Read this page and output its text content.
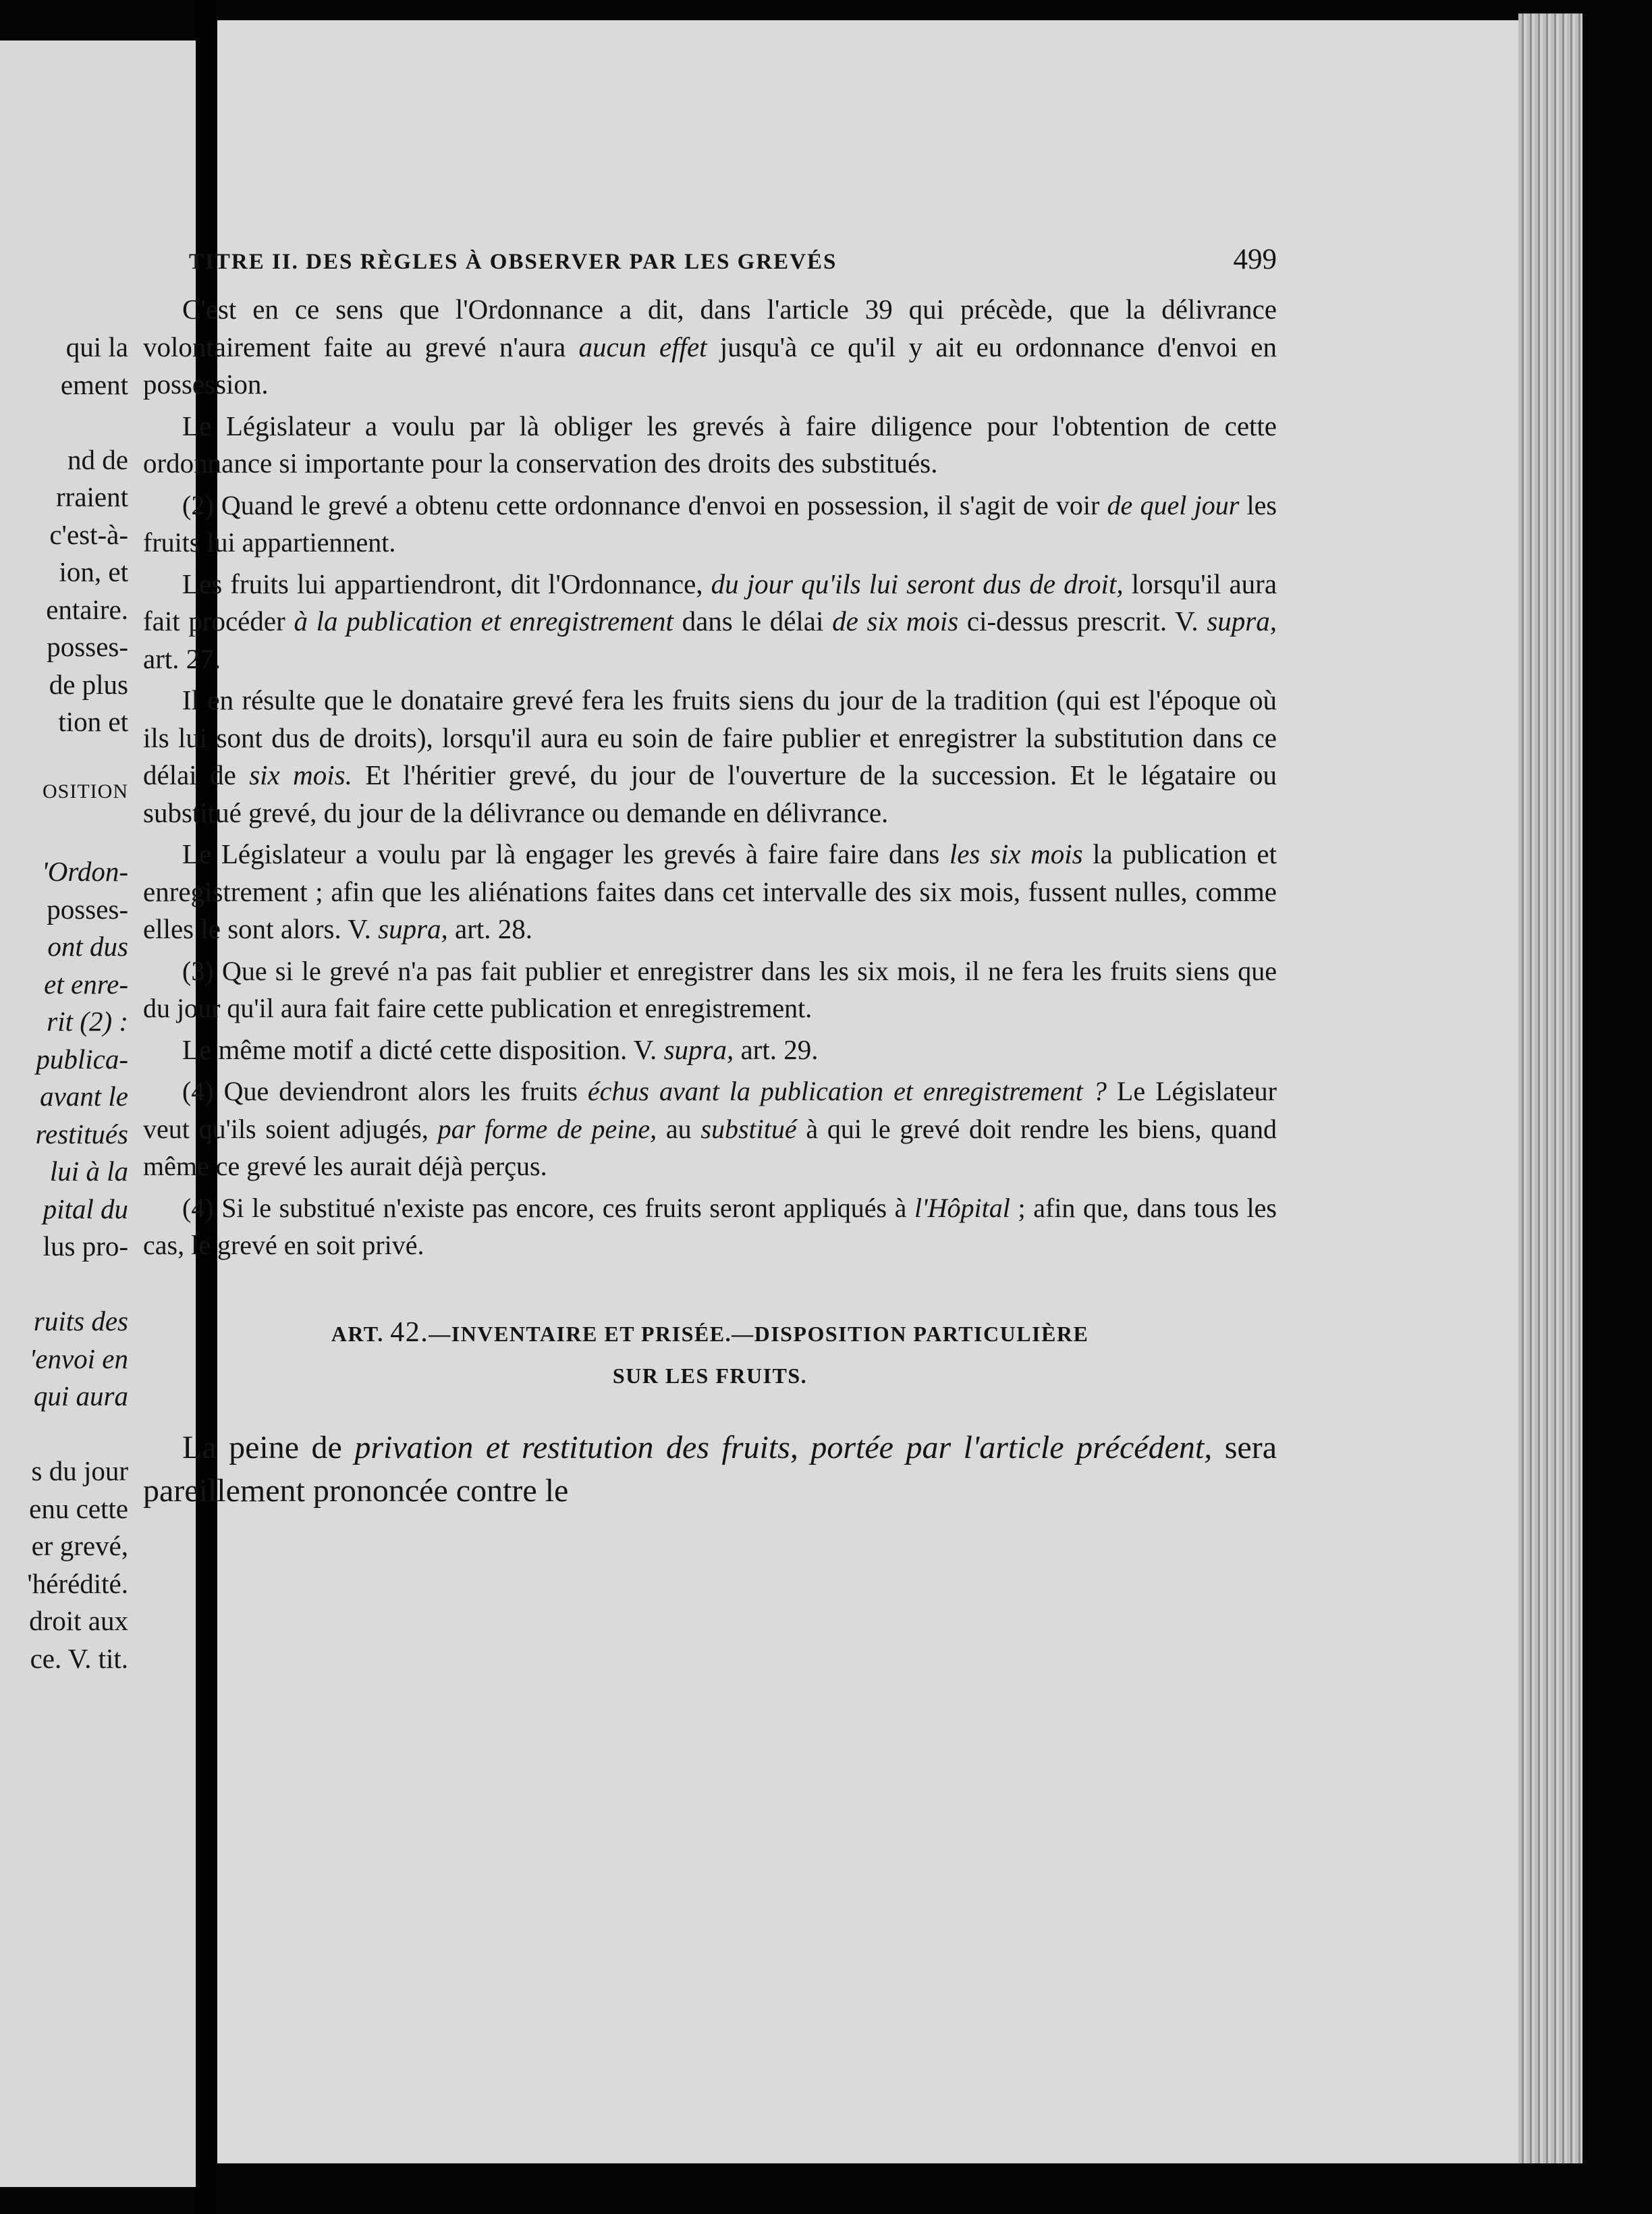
qui la
ement
nd de
rraient
c'est-à-
ion, et
entaire.
posses-
de plus
tion et
OSITION
'Ordon-
posses-
ont dus
et enre-
rit (2) :
publica-
avant le
restitués
lui à la
pital du
lus pro-
ruits des
'envoi en
qui aura
s du jour
enu cette
er grevé,
'hérédité.
droit aux
ce. V. tit.
TITRE II. DES RÈGLES À OBSERVER PAR LES GREVÉS	499

C'est en ce sens que l'Ordonnance a dit, dans l'article 39 qui précède, que la délivrance volontairement faite au grevé n'aura aucun effet jusqu'à ce qu'il y ait eu ordonnance d'envoi en possession.

Le Législateur a voulu par là obliger les grevés à faire diligence pour l'obtention de cette ordonnance si importante pour la conservation des droits des substitués.

(2) Quand le grevé a obtenu cette ordonnance d'envoi en possession, il s'agit de voir de quel jour les fruits lui appartiennent.

Les fruits lui appartiendront, dit l'Ordonnance, du jour qu'ils lui seront dus de droit, lorsqu'il aura fait procéder à la publication et enregistrement dans le délai de six mois ci-dessus prescrit. V. supra, art. 27.

Il en résulte que le donataire grevé fera les fruits siens du jour de la tradition (qui est l'époque où ils lui sont dus de droits), lorsqu'il aura eu soin de faire publier et enregistrer la substitution dans ce délai de six mois. Et l'héritier grevé, du jour de l'ouverture de la succession. Et le légataire ou substitué grevé, du jour de la délivrance ou demande en délivrance.

Le Législateur a voulu par là engager les grevés à faire faire dans les six mois la publication et enregistrement ; afin que les aliénations faites dans cet intervalle des six mois, fussent nulles, comme elles le sont alors. V. supra, art. 28.

(3) Que si le grevé n'a pas fait publier et enregistrer dans les six mois, il ne fera les fruits siens que du jour qu'il aura fait faire cette publication et enregistrement.

Le même motif a dicté cette disposition. V. supra, art. 29.

(4) Que deviendront alors les fruits échus avant la publication et enregistrement ? Le Législateur veut qu'ils soient adjugés, par forme de peine, au substitué à qui le grevé doit rendre les biens, quand même ce grevé les aurait déjà perçus.

(4) Si le substitué n'existe pas encore, ces fruits seront appliqués à l'Hôpital ; afin que, dans tous les cas, le grevé en soit privé.

ART. 42.—INVENTAIRE ET PRISÉE.—DISPOSITION PARTICULIÈRE
SUR LES FRUITS.

La peine de privation et restitution des fruits, portée par l'article précédent, sera pareillement prononcée contre le
